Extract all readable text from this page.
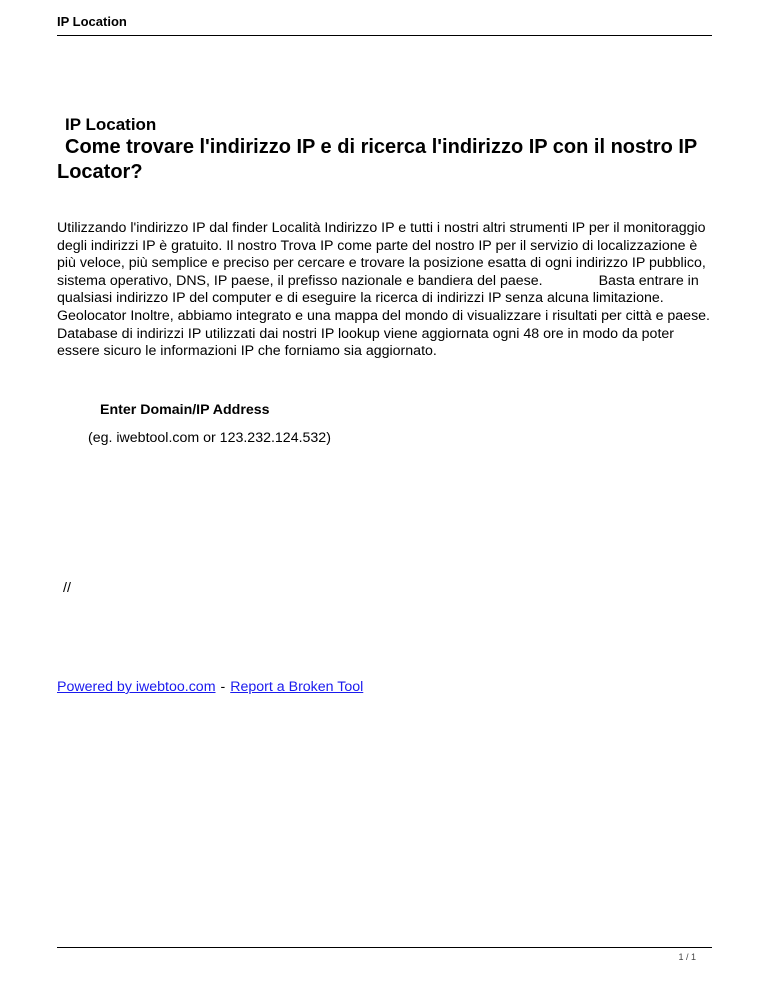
IP Location
IP Location
Come trovare l'indirizzo IP e di ricerca l'indirizzo IP con il nostro IP Locator?

Utilizzando l'indirizzo IP dal finder Località Indirizzo IP e tutti i nostri altri strumenti IP per il monitoraggio degli indirizzi IP è gratuito. Il nostro Trova IP come parte del nostro IP per il servizio di localizzazione è più veloce, più semplice e preciso per cercare e trovare la posizione esatta di ogni indirizzo IP pubblico, sistema operativo, DNS, IP paese, il prefisso nazionale e bandiera del paese.	Basta entrare in qualsiasi indirizzo IP del computer e di eseguire la ricerca di indirizzi IP senza alcuna limitazione.

Geolocator Inoltre, abbiamo integrato e una mappa del mondo di visualizzare i risultati per città e paese.

Database di indirizzi IP utilizzati dai nostri IP lookup viene aggiornata ogni 48 ore in modo da poter essere sicuro le informazioni IP che forniamo sia aggiornato.

Enter Domain/IP Address
(eg. iwebtool.com or 123.232.124.532)
//
Powered by iwebtoo.com - Report a Broken Tool
1 / 1
